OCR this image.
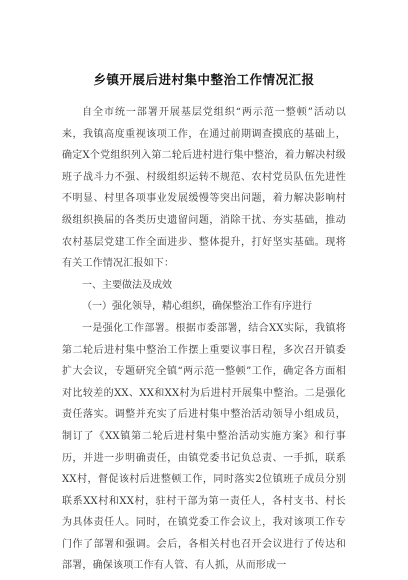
乡镇开展后进村集中整治工作情况汇报

自全市统一部署开展基层党组织“两示范一整顿”活动以来，我镇高度重视该项工作，在通过前期调查摸底的基础上，确定X个党组织列入第二轮后进村进行集中整治，着力解决村级班子战斗力不强、村级组织运转不规范、农村党员队伍先进性不明显、村里各项事业发展缓慢等突出问题，着力解决影响村级组织换届的各类历史遗留问题，消除干扰、夯实基础，推动农村基层党建工作全面进步、整体提升，打好坚实基础。现将有关工作情况汇报如下：

一、主要做法及成效

（一）强化领导，精心组织，确保整治工作有序进行

一是强化工作部署。根据市委部署，结合XX实际，我镇将第二轮后进村集中整治工作摆上重要议事日程，多次召开镇委扩大会议，专题研究全镇“两示范一整顿”工作，确定各方面相对比较差的XX、XX和XX村为后进村开展集中整治。二是强化责任落实。调整并充实了后进村集中整治活动领导小组成员，制订了《XX镇第二轮后进村集中整治活动实施方案》和行事历，并进一步明确责任，由镇党委书记负总责、一手抓，联系XX村，督促该村后进整顿工作，同时落实2位镇班子成员分别联系XX村和XX村，驻村干部为第一责任人，各村支书、村长为具体责任人。同时，在镇党委工作会议上，我对该项工作专门作了部署和强调。会后，各相关村也召开会议进行了传达和部署，确保该项工作有人管、有人抓，从而形成一
